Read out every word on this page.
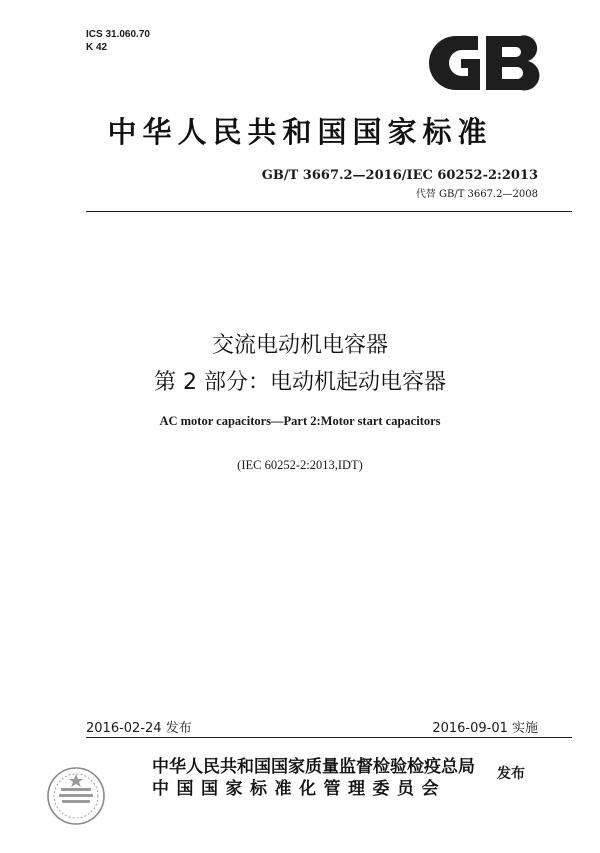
ICS 31.060.70
K 42
中华人民共和国国家标准
GB/T 3667.2—2016/IEC 60252-2:2013
代替 GB/T 3667.2—2008
交流电动机电容器
第 2 部分：电动机起动电容器
AC motor capacitors—Part 2:Motor start capacitors
(IEC 60252-2:2013,IDT)
2016-02-24 发布	2016-09-01 实施
中华人民共和国国家质量监督检验检疫总局
中国国家标准化管理委员会
发布
